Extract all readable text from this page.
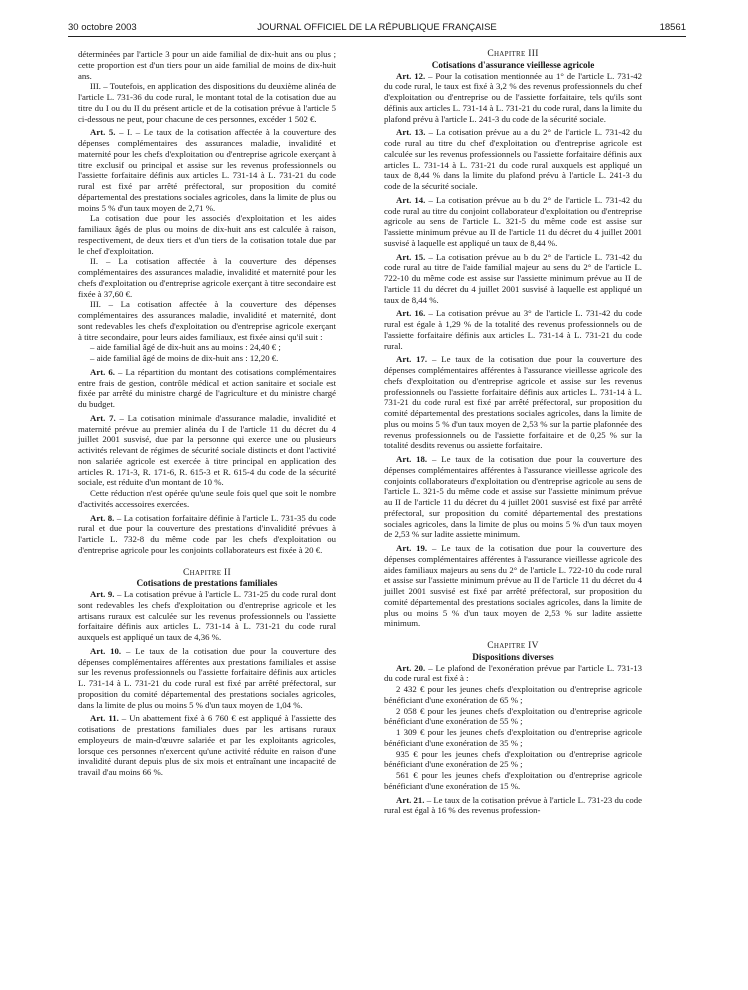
30 octobre 2003	JOURNAL OFFICIEL DE LA RÉPUBLIQUE FRANÇAISE	18561

déterminées par l'article 3 pour un aide familial de dix-huit ans ou plus ; cette proportion est d'un tiers pour un aide familial de moins de dix-huit ans.

III. – Toutefois, en application des dispositions du deuxième alinéa de l'article L. 731-36 du code rural, le montant total de la cotisation due au titre du I ou du II du présent article et de la cotisation prévue à l'article 5 ci-dessous ne peut, pour chacune de ces personnes, excéder 1 502 €.

Art. 5. – I. – Le taux de la cotisation affectée à la couverture des dépenses complémentaires des assurances maladie, invalidité et maternité pour les chefs d'exploitation ou d'entreprise agricole exerçant à titre exclusif ou principal et assise sur les revenus professionnels ou l'assiette forfaitaire définis aux articles L. 731-14 à L. 731-21 du code rural est fixé par arrêté préfectoral, sur proposition du comité départemental des prestations sociales agricoles, dans la limite de plus ou moins 5 % d'un taux moyen de 2,71 %.

La cotisation due pour les associés d'exploitation et les aides familiaux âgés de plus ou moins de dix-huit ans est calculée à raison, respectivement, de deux tiers et d'un tiers de la cotisation totale due par le chef d'exploitation.

II. – La cotisation affectée à la couverture des dépenses complémentaires des assurances maladie, invalidité et maternité pour les chefs d'exploitation ou d'entreprise agricole exerçant à titre secondaire est fixée à 37,60 €.

III. – La cotisation affectée à la couverture des dépenses complémentaires des assurances maladie, invalidité et maternité, dont sont redevables les chefs d'exploitation ou d'entreprise agricole exerçant à titre secondaire, pour leurs aides familiaux, est fixée ainsi qu'il suit :

– aide familial âgé de dix-huit ans au moins : 24,40 € ;

– aide familial âgé de moins de dix-huit ans : 12,20 €.

Art. 6. – La répartition du montant des cotisations complémentaires entre frais de gestion, contrôle médical et action sanitaire et sociale est fixée par arrêté du ministre chargé de l'agriculture et du ministre chargé du budget.

Art. 7. – La cotisation minimale d'assurance maladie, invalidité et maternité prévue au premier alinéa du I de l'article 11 du décret du 4 juillet 2001 susvisé, due par la personne qui exerce une ou plusieurs activités relevant de régimes de sécurité sociale distincts et dont l'activité non salariée agricole est exercée à titre principal en application des articles R. 171-3, R. 171-6, R. 615-3 et R. 615-4 du code de la sécurité sociale, est réduite d'un montant de 10 %.

Cette réduction n'est opérée qu'une seule fois quel que soit le nombre d'activités accessoires exercées.

Art. 8. – La cotisation forfaitaire définie à l'article L. 731-35 du code rural et due pour la couverture des prestations d'invalidité prévues à l'article L. 732-8 du même code par les chefs d'exploitation ou d'entreprise agricole pour les conjoints collaborateurs est fixée à 20 €.

Chapitre II

Cotisations de prestations familiales

Art. 9. – La cotisation prévue à l'article L. 731-25 du code rural dont sont redevables les chefs d'exploitation ou d'entreprise agricole et les artisans ruraux est calculée sur les revenus professionnels ou l'assiette forfaitaire définis aux articles L. 731-14 à L. 731-21 du code rural auxquels est appliqué un taux de 4,36 %.

Art. 10. – Le taux de la cotisation due pour la couverture des dépenses complémentaires afférentes aux prestations familiales et assise sur les revenus professionnels ou l'assiette forfaitaire définis aux articles L. 731-14 à L. 731-21 du code rural est fixé par arrêté préfectoral, sur proposition du comité départemental des prestations sociales agricoles, dans la limite de plus ou moins 5 % d'un taux moyen de 1,04 %.

Art. 11. – Un abattement fixé à 6 760 € est appliqué à l'assiette des cotisations de prestations familiales dues par les artisans ruraux employeurs de main-d'œuvre salariée et par les exploitants agricoles, lorsque ces personnes n'exercent qu'une activité réduite en raison d'une invalidité durant depuis plus de six mois et entraînant une incapacité de travail d'au moins 66 %.

Chapitre III

Cotisations d'assurance vieillesse agricole

Art. 12. – Pour la cotisation mentionnée au 1° de l'article L. 731-42 du code rural, le taux est fixé à 3,2 % des revenus professionnels du chef d'exploitation ou d'entreprise ou de l'assiette forfaitaire, tels qu'ils sont définis aux articles L. 731-14 à L. 731-21 du code rural, dans la limite du plafond prévu à l'article L. 241-3 du code de la sécurité sociale.

Art. 13. – La cotisation prévue au a du 2° de l'article L. 731-42 du code rural au titre du chef d'exploitation ou d'entreprise agricole est calculée sur les revenus professionnels ou l'assiette forfaitaire définis aux articles L. 731-14 à L. 731-21 du code rural auxquels est appliqué un taux de 8,44 % dans la limite du plafond prévu à l'article L. 241-3 du code de la sécurité sociale.

Art. 14. – La cotisation prévue au b du 2° de l'article L. 731-42 du code rural au titre du conjoint collaborateur d'exploitation ou d'entreprise agricole au sens de l'article L. 321-5 du même code est assise sur l'assiette minimum prévue au II de l'article 11 du décret du 4 juillet 2001 susvisé à laquelle est appliqué un taux de 8,44 %.

Art. 15. – La cotisation prévue au b du 2° de l'article L. 731-42 du code rural au titre de l'aide familial majeur au sens du 2° de l'article L. 722-10 du même code est assise sur l'assiette minimum prévue au II de l'article 11 du décret du 4 juillet 2001 susvisé à laquelle est appliqué un taux de 8,44 %.

Art. 16. – La cotisation prévue au 3° de l'article L. 731-42 du code rural est égale à 1,29 % de la totalité des revenus professionnels ou de l'assiette forfaitaire définis aux articles L. 731-14 à L. 731-21 du code rural.

Art. 17. – Le taux de la cotisation due pour la couverture des dépenses complémentaires afférentes à l'assurance vieillesse agricole des chefs d'exploitation ou d'entreprise agricole et assise sur les revenus professionnels ou l'assiette forfaitaire définis aux articles L. 731-14 à L. 731-21 du code rural est fixé par arrêté préfectoral, sur proposition du comité départemental des prestations sociales agricoles, dans la limite de plus ou moins 5 % d'un taux moyen de 2,53 % sur la partie plafonnée des revenus professionnels ou de l'assiette forfaitaire et de 0,25 % sur la totalité desdits revenus ou assiette forfaitaire.

Art. 18. – Le taux de la cotisation due pour la couverture des dépenses complémentaires afférentes à l'assurance vieillesse agricole des conjoints collaborateurs d'exploitation ou d'entreprise agricole au sens de l'article L. 321-5 du même code et assise sur l'assiette minimum prévue au II de l'article 11 du décret du 4 juillet 2001 susvisé est fixé par arrêté préfectoral, sur proposition du comité départemental des prestations sociales agricoles, dans la limite de plus ou moins 5 % d'un taux moyen de 2,53 % sur ladite assiette minimum.

Art. 19. – Le taux de la cotisation due pour la couverture des dépenses complémentaires afférentes à l'assurance vieillesse agricole des aides familiaux majeurs au sens du 2° de l'article L. 722-10 du code rural et assise sur l'assiette minimum prévue au II de l'article 11 du décret du 4 juillet 2001 susvisé est fixé par arrêté préfectoral, sur proposition du comité départemental des prestations sociales agricoles, dans la limite de plus ou moins 5 % d'un taux moyen de 2,53 % sur ladite assiette minimum.

Chapitre IV

Dispositions diverses

Art. 20. – Le plafond de l'exonération prévue par l'article L. 731-13 du code rural est fixé à :

2 432 € pour les jeunes chefs d'exploitation ou d'entreprise agricole bénéficiant d'une exonération de 65 % ;

2 058 € pour les jeunes chefs d'exploitation ou d'entreprise agricole bénéficiant d'une exonération de 55 % ;

1 309 € pour les jeunes chefs d'exploitation ou d'entreprise agricole bénéficiant d'une exonération de 35 % ;

935 € pour les jeunes chefs d'exploitation ou d'entreprise agricole bénéficiant d'une exonération de 25 % ;

561 € pour les jeunes chefs d'exploitation ou d'entreprise agricole bénéficiant d'une exonération de 15 %.

Art. 21. – Le taux de la cotisation prévue à l'article L. 731-23 du code rural est égal à 16 % des revenus profession-
